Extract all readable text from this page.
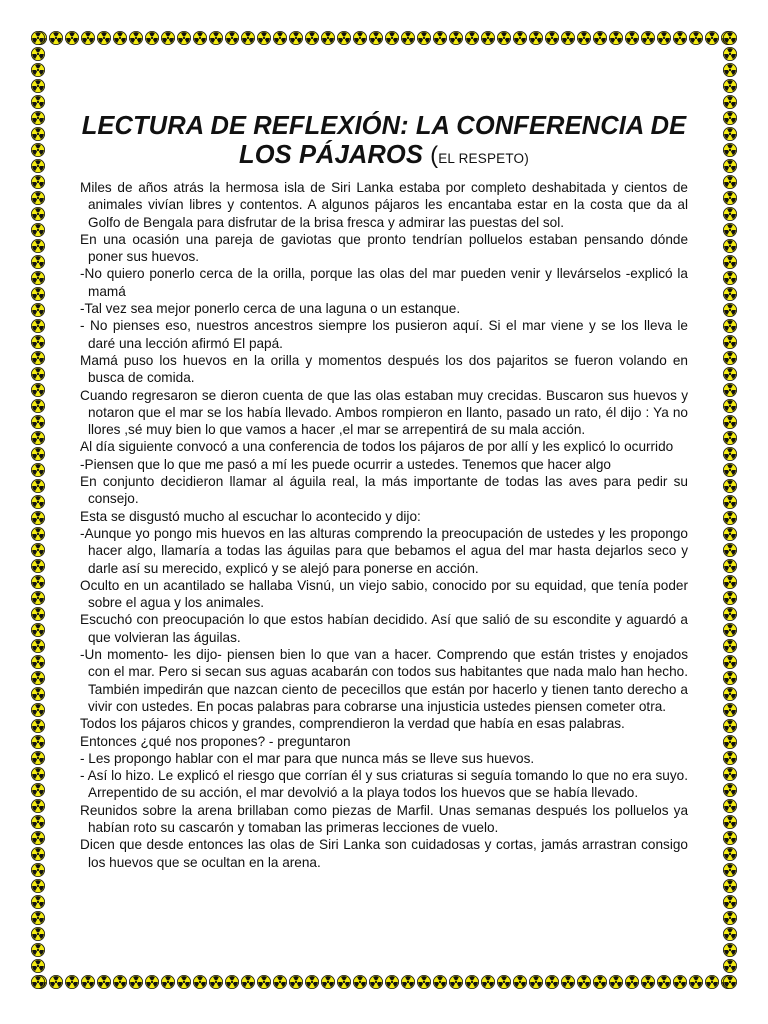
LECTURA DE REFLEXIÓN: LA CONFERENCIA DE LOS PÁJAROS (EL RESPETO)

Miles de años atrás la hermosa isla de Siri Lanka estaba por completo deshabitada y cientos de animales vivían libres y contentos. A algunos pájaros les encantaba estar en la costa que da al Golfo de Bengala para disfrutar de la brisa fresca y admirar las puestas del sol.

En una ocasión una pareja de gaviotas que pronto tendrían polluelos estaban pensando dónde poner sus huevos.

-No quiero ponerlo cerca de la orilla, porque las olas del mar pueden venir y llevárselos -explicó la mamá

-Tal vez sea mejor ponerlo cerca de una laguna o un estanque.

- No pienses eso, nuestros ancestros siempre los pusieron aquí. Si el mar viene y se los lleva le daré una lección afirmó El papá.

Mamá puso los huevos en la orilla y momentos después los dos pajaritos se fueron volando en busca de comida.

Cuando regresaron se dieron cuenta de que las olas estaban muy crecidas. Buscaron sus huevos y notaron que el mar se los había llevado. Ambos rompieron en llanto, pasado un rato, él dijo : Ya no llores ,sé muy bien lo que vamos a hacer ,el mar se arrepentirá de su mala acción.

Al día siguiente convocó a una conferencia de todos los pájaros de por allí y les explicó lo ocurrido

-Piensen que lo que me pasó a mí les puede ocurrir a ustedes. Tenemos que hacer algo

En conjunto decidieron llamar al águila real, la más importante de todas las aves para pedir su consejo.

Esta se disgustó mucho al escuchar lo acontecido y dijo:

-Aunque yo pongo mis huevos en las alturas comprendo la preocupación de ustedes y les propongo hacer algo, llamaría a todas las águilas para que bebamos el agua del mar hasta dejarlos seco y darle así su merecido, explicó y se alejó para ponerse en acción.

Oculto en un acantilado se hallaba Visnú, un viejo sabio, conocido por su equidad, que tenía poder sobre el agua y los animales.

Escuchó con preocupación lo que estos habían decidido. Así que salió de su escondite y aguardó a que volvieran las águilas.

-Un momento- les dijo- piensen bien lo que van a hacer. Comprendo que están tristes y enojados con el mar. Pero si secan sus aguas acabarán con todos sus habitantes que nada malo han hecho. También impedirán que nazcan ciento de pececillos que están por hacerlo y tienen tanto derecho a vivir con ustedes. En pocas palabras para cobrarse una injusticia ustedes piensen cometer otra.

Todos los pájaros chicos y grandes, comprendieron la verdad que había en esas palabras.

Entonces ¿qué nos propones? - preguntaron

- Les propongo hablar con el mar para que nunca más se lleve sus huevos.

- Así lo hizo. Le explicó el riesgo que corrían él y sus criaturas si seguía tomando lo que no era suyo. Arrepentido de su acción, el mar devolvió a la playa todos los huevos que se había llevado.

Reunidos sobre la arena brillaban como piezas de Marfil. Unas semanas después los polluelos ya habían roto su cascarón y tomaban las primeras lecciones de vuelo.

Dicen que desde entonces las olas de Siri Lanka son cuidadosas y cortas, jamás arrastran consigo los huevos que se ocultan en la arena.
